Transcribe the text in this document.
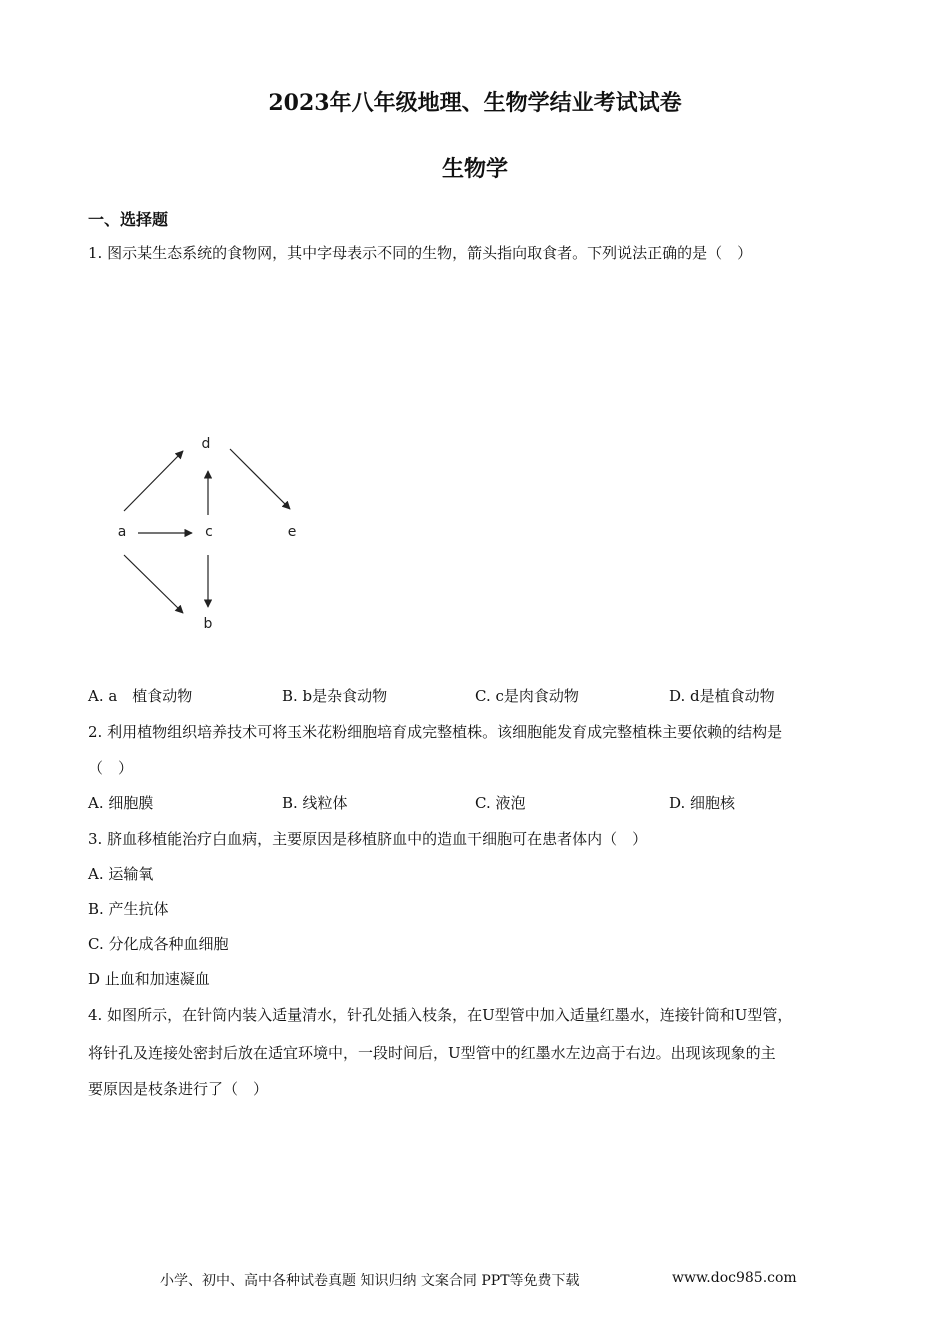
2023年八年级地理、生物学结业考试试卷
生物学
一、选择题
1. 图示某生态系统的食物网，其中字母表示不同的生物，箭头指向取食者。下列说法正确的是（　）
d
a	c	e
b
A. a　植食动物	B. b是杂食动物	C. c是肉食动物	D. d是植食动物
2. 利用植物组织培养技术可将玉米花粉细胞培育成完整植株。该细胞能发育成完整植株主要依赖的结构是
（　）
A. 细胞膜	B. 线粒体	C. 液泡	D. 细胞核
3. 脐血移植能治疗白血病，主要原因是移植脐血中的造血干细胞可在患者体内（　）
A. 运输氧
B. 产生抗体
C. 分化成各种血细胞
D 止血和加速凝血
4. 如图所示，在针筒内装入适量清水，针孔处插入枝条，在U型管中加入适量红墨水，连接针筒和U型管，
将针孔及连接处密封后放在适宜环境中，一段时间后，U型管中的红墨水左边高于右边。出现该现象的主
要原因是枝条进行了（　）
小学、初中、高中各种试卷真题 知识归纳 文案合同 PPT等免费下载	www.doc985.com
